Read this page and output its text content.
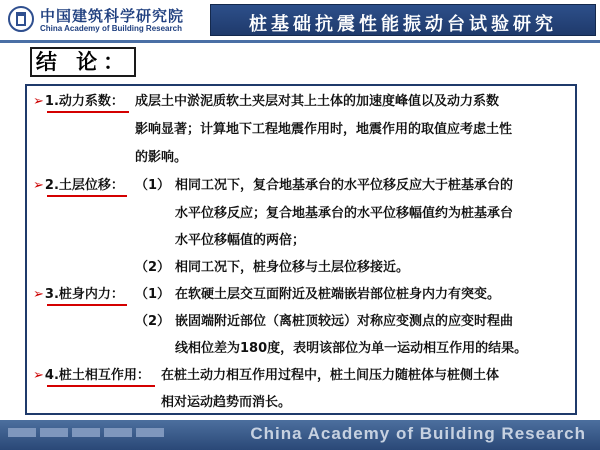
中国建筑科学研究院
China Academy of Building Research	桩基础抗震性能振动台试验研究
结 论：
➢1.动力系数： 成层土中淤泥质软土夹层对其上土体的加速度峰值以及动力系数
影响显著；计算地下工程地震作用时，地震作用的取值应考虑土性
的影响。
➢2.土层位移： （1） 相同工况下，复合地基承台的水平位移反应大于桩基承台的
水平位移反应；复合地基承台的水平位移幅值约为桩基承台
水平位移幅值的两倍；
（2） 相同工况下，桩身位移与土层位移接近。
➢3.桩身内力： （1） 在软硬土层交互面附近及桩端嵌岩部位桩身内力有突变。
（2） 嵌固端附近部位（离桩顶较远）对称应变测点的应变时程曲
线相位差为180度，表明该部位为单一运动相互作用的结果。
➢4.桩土相互作用： 在桩土动力相互作用过程中，桩土间压力随桩体与桩侧土体
相对运动趋势而消长。
China Academy of Building Research
